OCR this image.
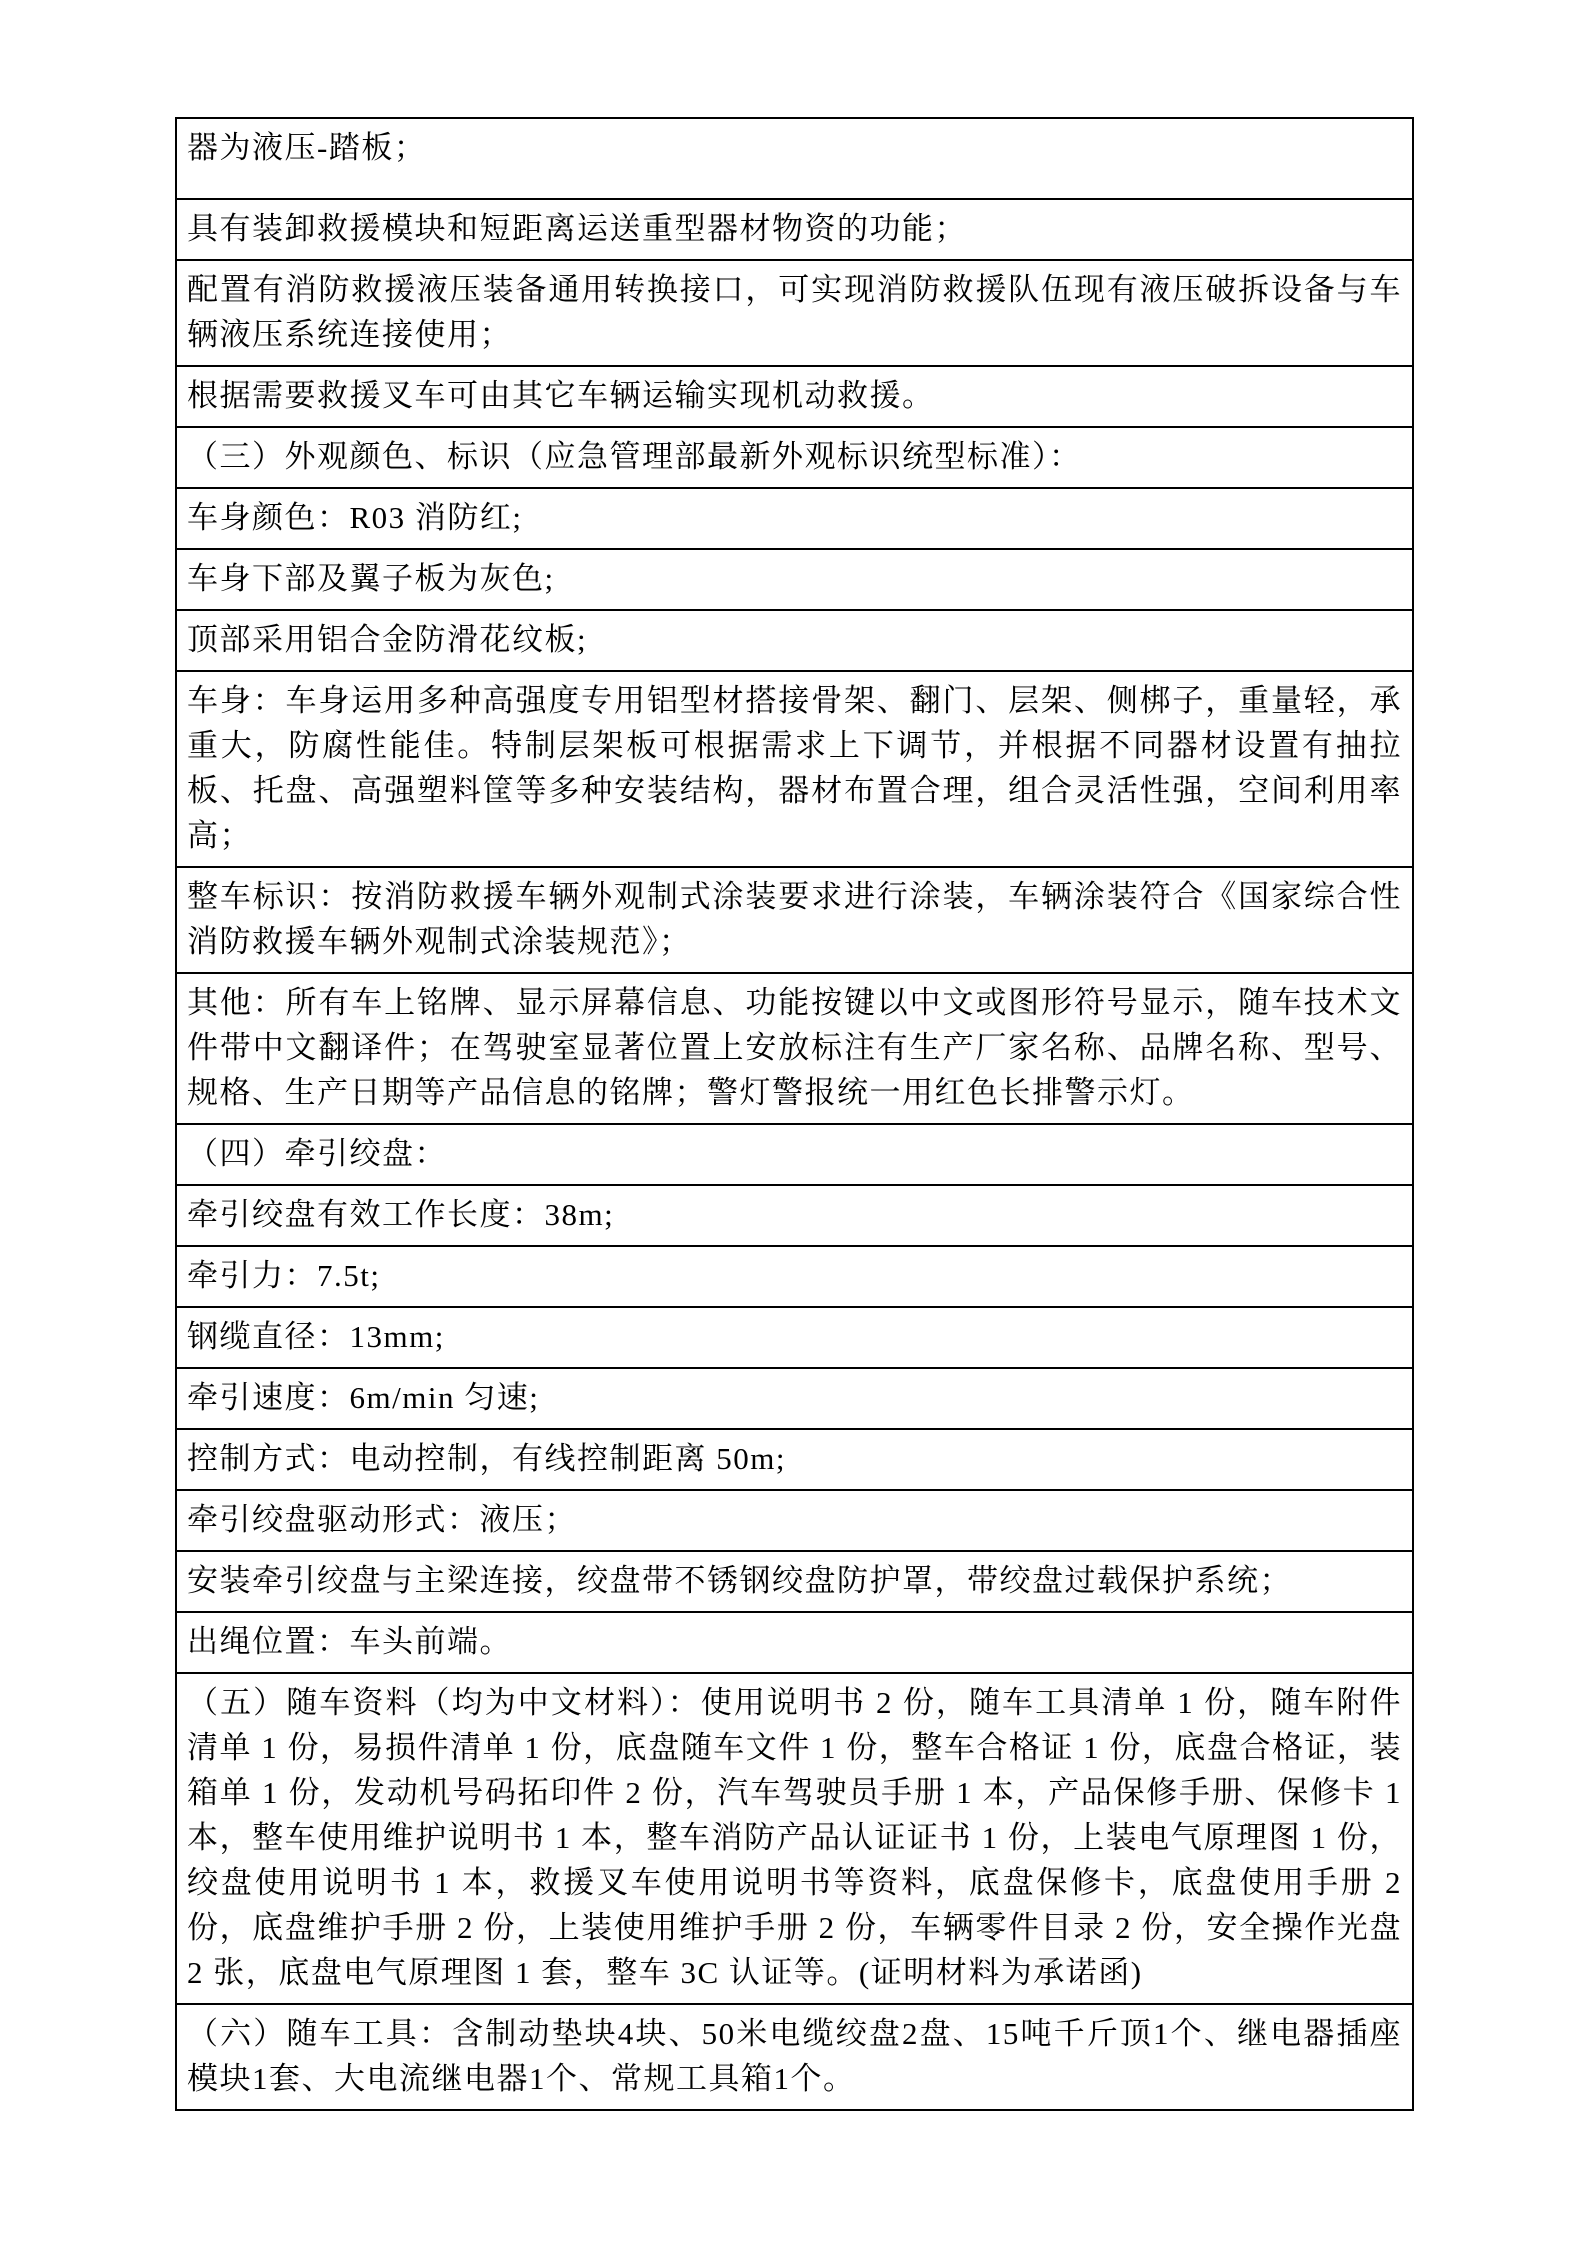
器为液压-踏板；
具有装卸救援模块和短距离运送重型器材物资的功能；
配置有消防救援液压装备通用转换接口，可实现消防救援队伍现有液压破拆设备与车辆液压系统连接使用；
根据需要救援叉车可由其它车辆运输实现机动救援。
（三）外观颜色、标识（应急管理部最新外观标识统型标准）：
车身颜色：R03 消防红;
车身下部及翼子板为灰色;
顶部采用铝合金防滑花纹板;
车身：车身运用多种高强度专用铝型材搭接骨架、翻门、层架、侧梆子，重量轻，承重大，防腐性能佳。特制层架板可根据需求上下调节，并根据不同器材设置有抽拉板、托盘、高强塑料筐等多种安装结构，器材布置合理，组合灵活性强，空间利用率高；
整车标识：按消防救援车辆外观制式涂装要求进行涂装，车辆涂装符合《国家综合性消防救援车辆外观制式涂装规范》；
其他：所有车上铭牌、显示屏幕信息、功能按键以中文或图形符号显示，随车技术文件带中文翻译件；在驾驶室显著位置上安放标注有生产厂家名称、品牌名称、型号、规格、生产日期等产品信息的铭牌；警灯警报统一用红色长排警示灯。
（四）牵引绞盘：
牵引绞盘有效工作长度：38m;
牵引力：7.5t;
钢缆直径：13mm;
牵引速度：6m/min 匀速;
控制方式：电动控制，有线控制距离 50m;
牵引绞盘驱动形式：液压；
安装牵引绞盘与主梁连接，绞盘带不锈钢绞盘防护罩，带绞盘过载保护系统；
出绳位置：车头前端。
（五）随车资料（均为中文材料）：使用说明书 2 份，随车工具清单 1 份，随车附件清单 1 份，易损件清单 1 份，底盘随车文件 1 份，整车合格证 1 份，底盘合格证，装箱单 1 份，发动机号码拓印件 2 份，汽车驾驶员手册 1 本，产品保修手册、保修卡 1 本，整车使用维护说明书 1 本，整车消防产品认证证书 1 份，上装电气原理图 1 份，绞盘使用说明书 1 本，救援叉车使用说明书等资料，底盘保修卡，底盘使用手册 2 份，底盘维护手册 2 份，上装使用维护手册 2 份，车辆零件目录 2 份，安全操作光盘 2 张，底盘电气原理图 1 套，整车 3C 认证等。(证明材料为承诺函)
（六）随车工具：含制动垫块4块、50米电缆绞盘2盘、15吨千斤顶1个、继电器插座模块1套、大电流继电器1个、常规工具箱1个。
